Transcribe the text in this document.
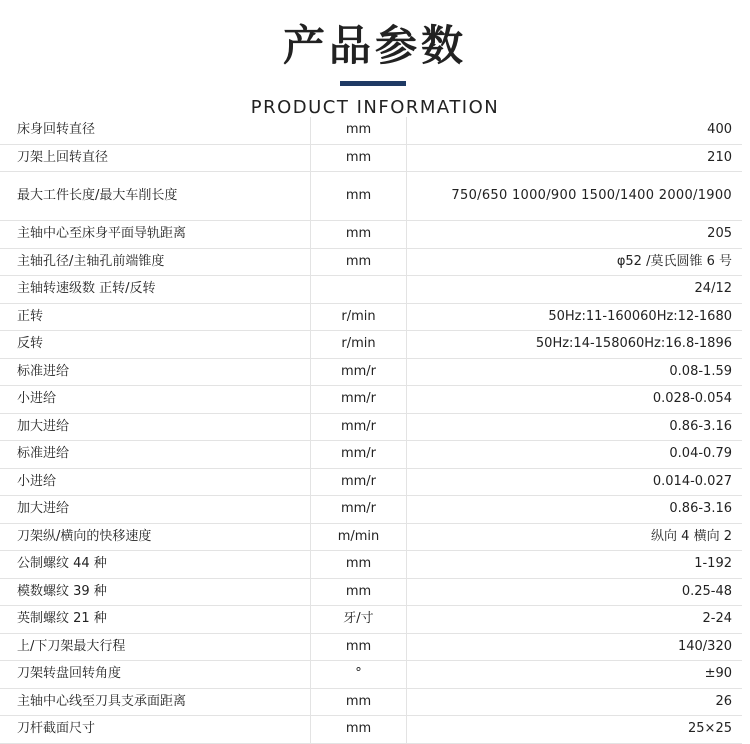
产品参数
PRODUCT INFORMATION
床身回转直径	mm	400
刀架上回转直径	mm	210
最大工件长度/最大车削长度	mm	750/650 1000/900 1500/1400 2000/1900
主轴中心至床身平面导轨距离	mm	205
主轴孔径/主轴孔前端锥度	mm	φ52 /莫氏圆锥 6 号
主轴转速级数 正转/反转		24/12
正转	r/min	50Hz:11-160060Hz:12-1680
反转	r/min	50Hz:14-158060Hz:16.8-1896
标准进给	mm/r	0.08-1.59
小进给	mm/r	0.028-0.054
加大进给	mm/r	0.86-3.16
标准进给	mm/r	0.04-0.79
小进给	mm/r	0.014-0.027
加大进给	mm/r	0.86-3.16
刀架纵/横向的快移速度	m/min	纵向 4 横向 2
公制螺纹 44 种	mm	1-192
模数螺纹 39 种	mm	0.25-48
英制螺纹 21 种	牙/寸	2-24
上/下刀架最大行程	mm	140/320
刀架转盘回转角度	°	±90
主轴中心线至刀具支承面距离	mm	26
刀杆截面尺寸	mm	25×25
